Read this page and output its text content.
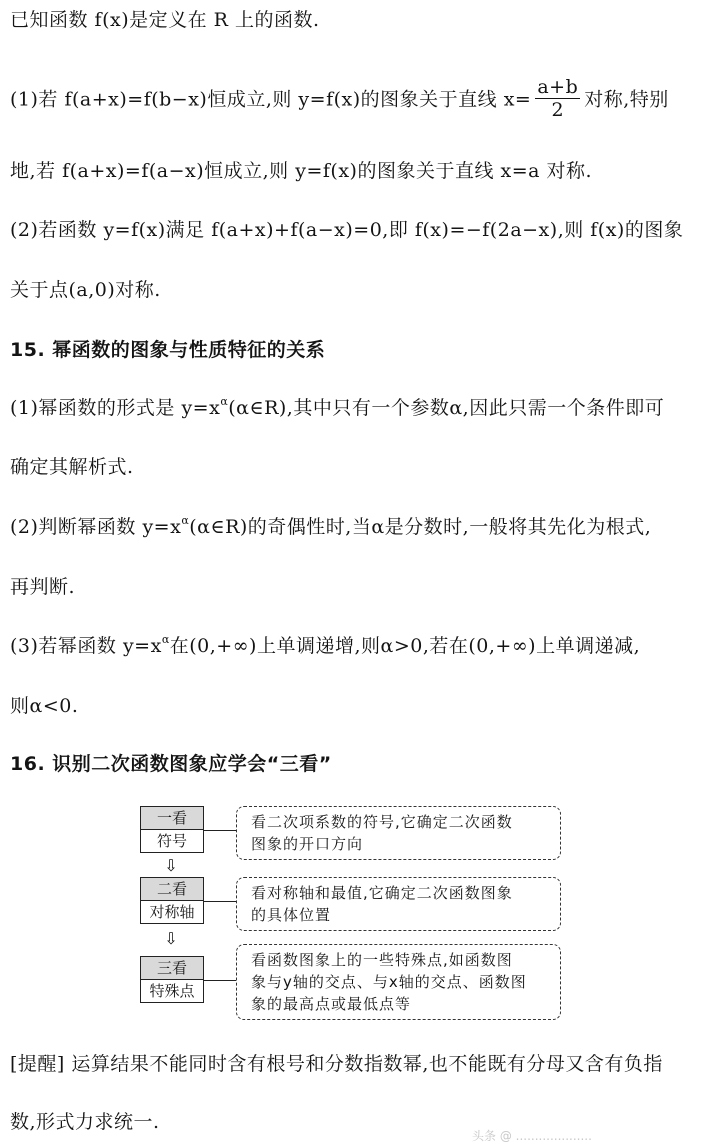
已知函数 f(x)是定义在 R 上的函数.
(1)若 f(a+x)=f(b−x)恒成立,则 y=f(x)的图象关于直线 $x= \frac{a+b}{2}$ 对称,特别
地,若 f(a+x)=f(a−x)恒成立,则 y=f(x)的图象关于直线 x=a 对称.
(2)若函数 y=f(x)满足 f(a+x)+f(a−x)=0,即 f(x)=−f(2a−x),则 f(x)的图象
关于点(a,0)对称.
15. 幂函数的图象与性质特征的关系
(1)幂函数的形式是 $y=x^\alpha(\alpha\in R)$,其中只有一个参数α,因此只需一个条件即可
确定其解析式.
(2)判断幂函数 $y=x^\alpha(\alpha\in R)$的奇偶性时,当α是分数时,一般将其先化为根式,
再判断.
(3)若幂函数 $y=x^\alpha$在(0,+∞)上单调递增,则α>0,若在(0,+∞)上单调递减,
则α<0.
16. 识别二次函数图象应学会“三看”
一看
符号
看二次项系数的符号,它确定二次函数
图象的开口方向
⇩
二看
对称轴
看对称轴和最值,它确定二次函数图象
的具体位置
⇩
三看
特殊点
看函数图象上的一些特殊点,如函数图
象与y轴的交点、与x轴的交点、函数图
象的最高点或最低点等
[提醒] 运算结果不能同时含有根号和分数指数幂,也不能既有分母又含有负指
数,形式力求统一.
头条 @ ....................
